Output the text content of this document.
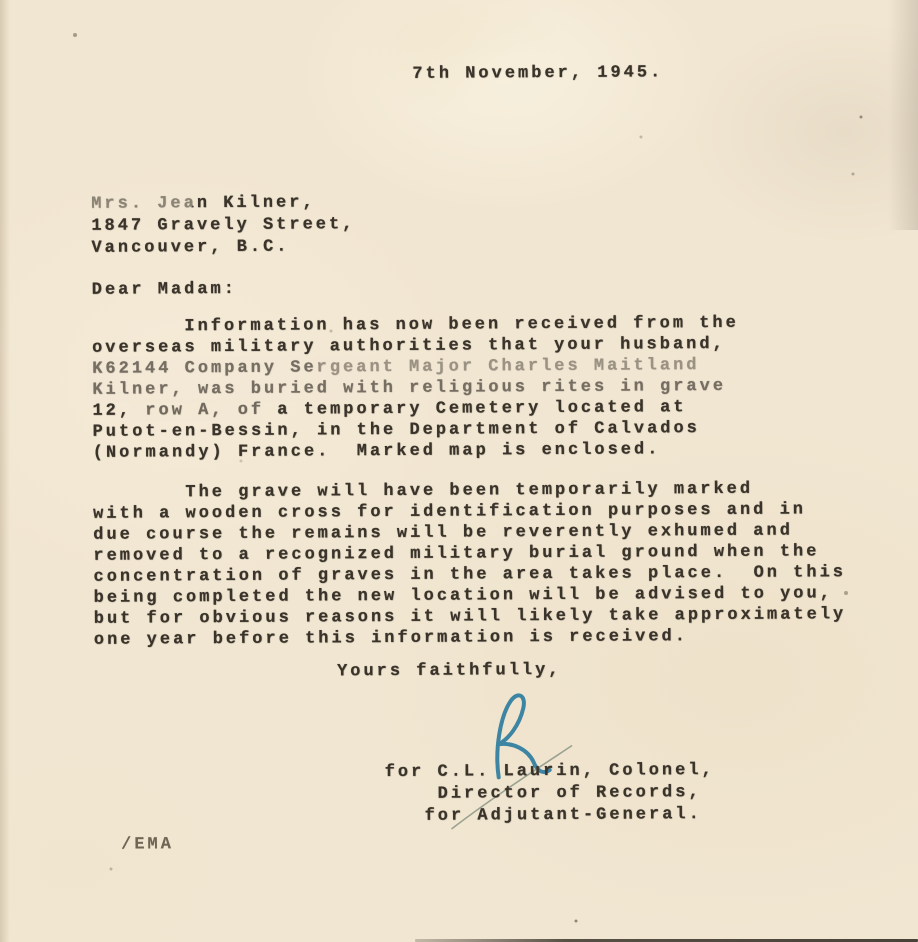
7th November, 1945.
Mrs. Jean Kilner,
1847 Gravely Street,
Vancouver, B.C.
Dear Madam:
Information has now been received from the
overseas military authorities that your husband,
K62144 Company Sergeant Major Charles Maitland
Kilner, was buried with religious rites in grave
12, row A, of a temporary Cemetery located at
Putot-en-Bessin, in the Department of Calvados
(Normandy) France.  Marked map is enclosed.
The grave will have been temporarily marked
with a wooden cross for identification purposes and in
due course the remains will be reverently exhumed and
removed to a recognized military burial ground when the
concentration of graves in the area takes place.  On this
being completed the new location will be advised to you,
but for obvious reasons it will likely take approximately
one year before this information is received.
Yours faithfully,
for C.L. Laurin, Colonel,
Director of Records,
for Adjutant-General.
/EMA
